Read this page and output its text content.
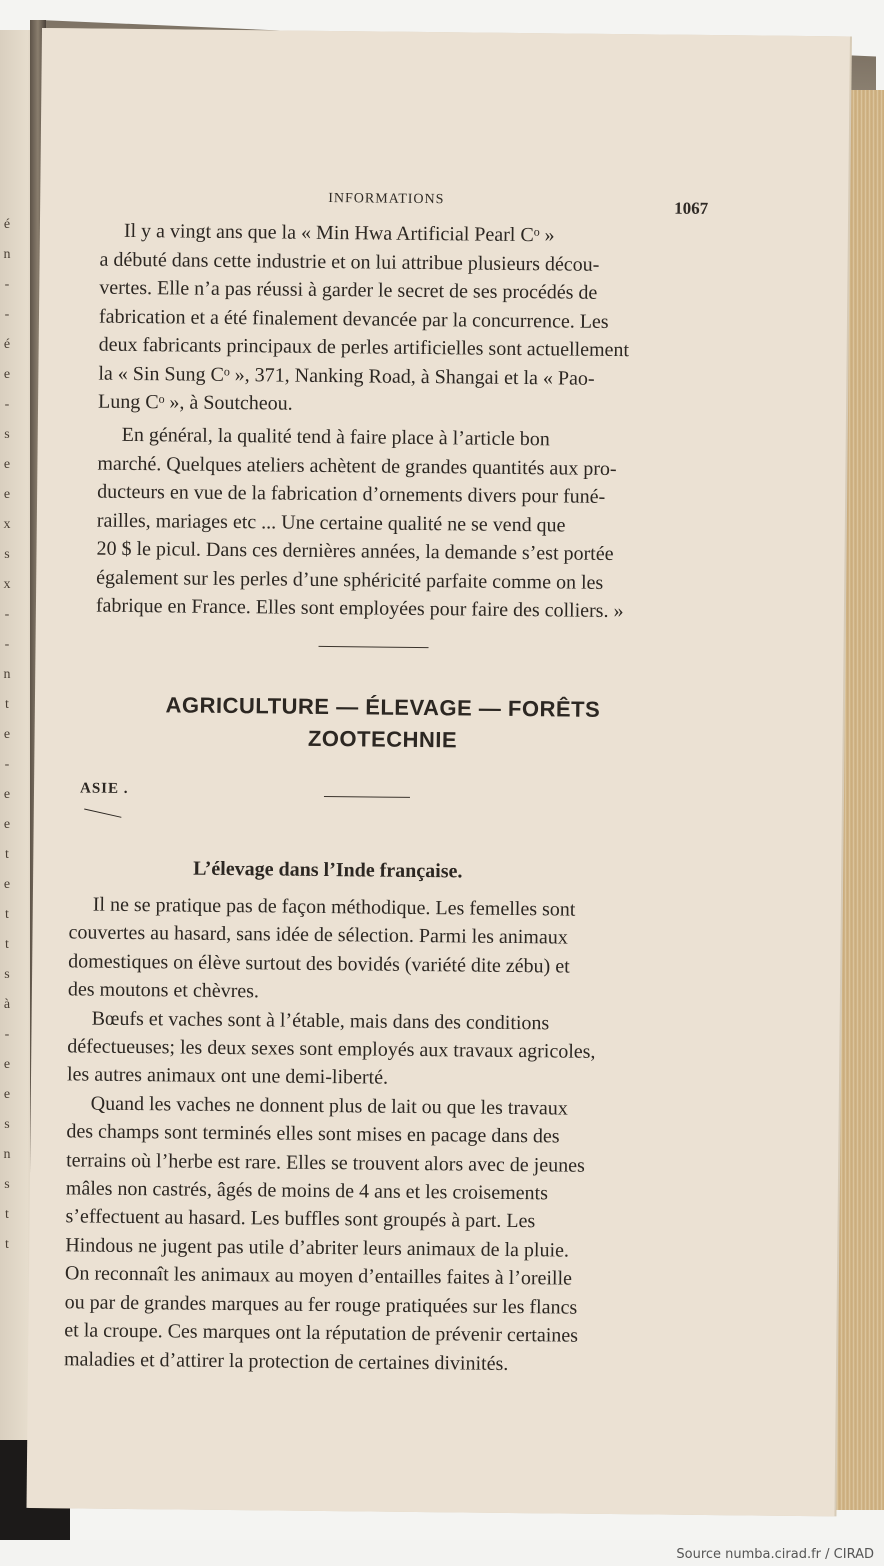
é
n
-
-
é
e
-
s
e
e
x
s
x
-
-
n
t
e
-
e
e
t
e
t
t
s
à
-
e
e
s
n
s
t
t
INFORMATIONS	1067
Il y a vingt ans que la « Min Hwa Artificial Pearl Cᵒ »
a débuté dans cette industrie et on lui attribue plusieurs décou-
vertes. Elle n’a pas réussi à garder le secret de ses procédés de
fabrication et a été finalement devancée par la concurrence. Les
deux fabricants principaux de perles artificielles sont actuellement
la « Sin Sung Cᵒ », 371, Nanking Road, à Shangai et la « Pao-
Lung Cᵒ », à Soutcheou.
En général, la qualité tend à faire place à l’article bon
marché. Quelques ateliers achètent de grandes quantités aux pro-
ducteurs en vue de la fabrication d’ornements divers pour funé-
railles, mariages etc ... Une certaine qualité ne se vend que
20 $ le picul. Dans ces dernières années, la demande s’est portée
également sur les perles d’une sphéricité parfaite comme on les
fabrique en France. Elles sont employées pour faire des colliers. »
AGRICULTURE — ÉLEVAGE — FORÊTS
ZOOTECHNIE
ASIE .
L’élevage dans l’Inde française.
Il ne se pratique pas de façon méthodique. Les femelles sont
couvertes au hasard, sans idée de sélection. Parmi les animaux
domestiques on élève surtout des bovidés (variété dite zébu) et
des moutons et chèvres.
Bœufs et vaches sont à l’étable, mais dans des conditions
défectueuses; les deux sexes sont employés aux travaux agricoles,
les autres animaux ont une demi-liberté.
Quand les vaches ne donnent plus de lait ou que les travaux
des champs sont terminés elles sont mises en pacage dans des
terrains où l’herbe est rare. Elles se trouvent alors avec de jeunes
mâles non castrés, âgés de moins de 4 ans et les croisements
s’effectuent au hasard. Les buffles sont groupés à part. Les
Hindous ne jugent pas utile d’abriter leurs animaux de la pluie.
On reconnaît les animaux au moyen d’entailles faites à l’oreille
ou par de grandes marques au fer rouge pratiquées sur les flancs
et la croupe. Ces marques ont la réputation de prévenir certaines
maladies et d’attirer la protection de certaines divinités.
Source numba.cirad.fr / CIRAD
